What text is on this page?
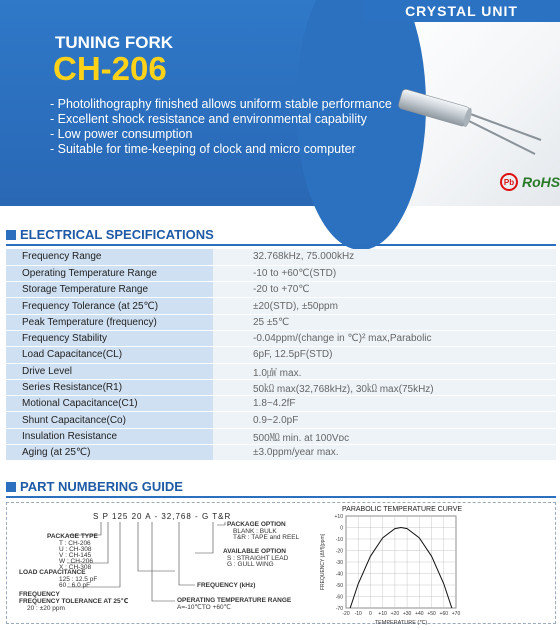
CRYSTAL UNIT
TUNING FORK
CH-206
- Photolithography finished allows uniform stable performance
- Excellent shock resistance and environmental capability
- Low power consumption
- Suitable for time-keeping of clock and micro computer
Pb RoHS
ELECTRICAL SPECIFICATIONS
Frequency Range	32.768kHz, 75.000kHz
Operating Temperature Range	-10 to +60℃(STD)
Storage Temperature Range	-20 to +70℃
Frequency Tolerance (at 25℃)	±20(STD), ±50ppm
Peak Temperature (frequency)	25 ±5℃
Frequency Stability	-0.04ppm/(change in ℃)² max,Parabolic
Load Capacitance(CL)	6pF, 12.5pF(STD)
Drive Level	1.0㎼ max.
Series Resistance(R1)	50㏀ max(32,768kHz), 30㏀ max(75kHz)
Motional Capacitance(C1)	1.8~4.2fF
Shunt Capacitance(Co)	0.9~2.0pF
Insulation Resistance	500㏁ min. at 100Vᴅᴄ
Aging (at 25℃)	±3.0ppm/year max.
PART NUMBERING GUIDE
S P 125 20 A - 32,768 - G T&R
PACKAGE TYPE
T : CH-206
U : CH-308
V : CH-145
W : CH-206
X : CH-308
LOAD CAPACITANCE
125 : 12.5 pF
60 : 6.0 pF
FREQUENCY
FREQUENCY TOLERANCE AT 25℃
20 : ±20 ppm
PACKAGE OPTION
BLANK : BULK
T&R : TAPE and REEL
AVAILABLE OPTION
S : STRAIGHT LEAD
G : GULL WING
FREQUENCY (kHz)
OPERATING TEMPERATURE RANGE
A=-10℃TO +60℃
PARABOLIC TEMPERATURE CURVE
-20 -10 0 +10 +20 +30 +40 +50 +60 +70
+10
0
-10
-20
-30
-40
-50
-60
-70
TEMPERATURE (℃)
FREQUENCY (Δf/f)[ppm]
